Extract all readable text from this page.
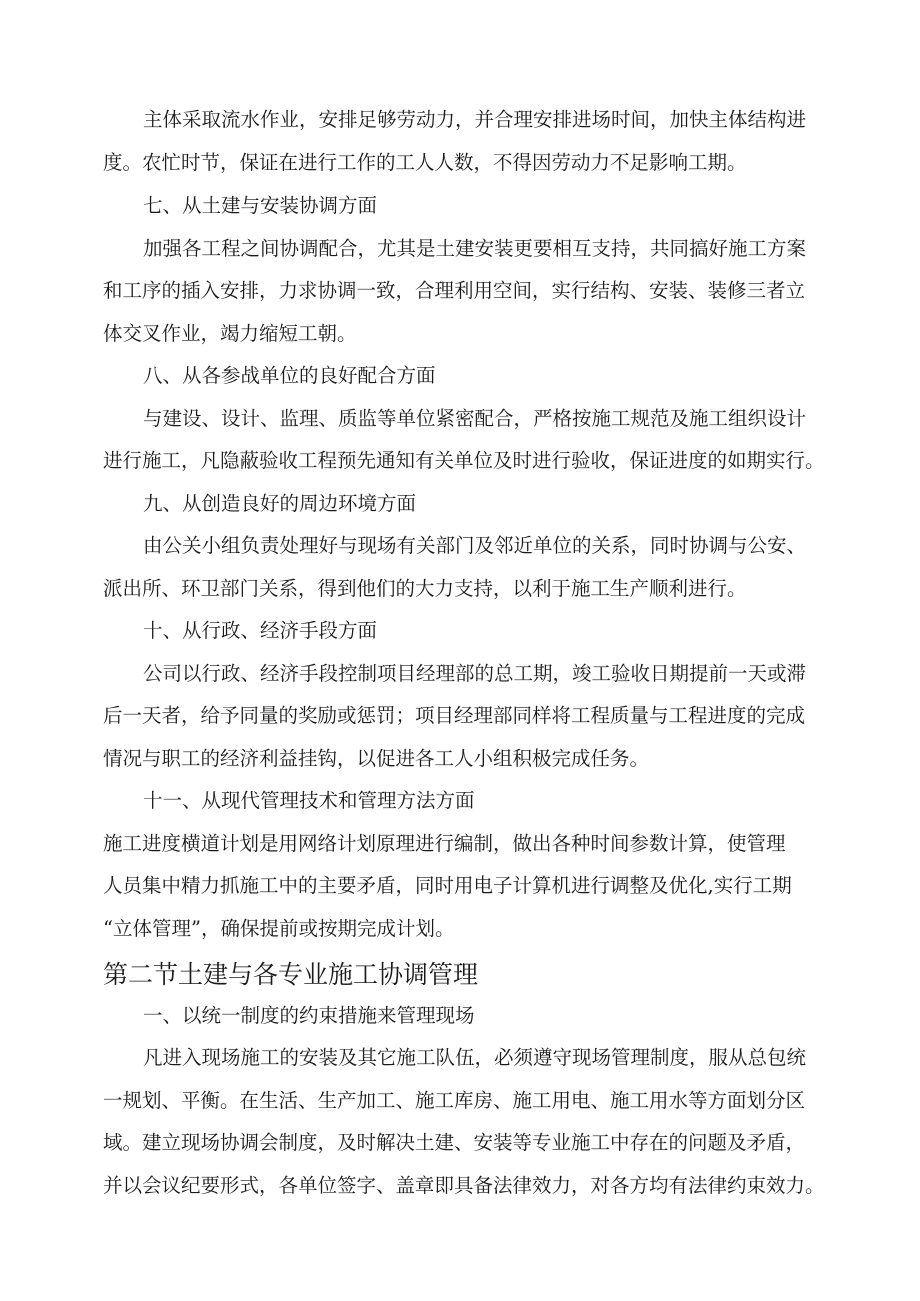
主体采取流水作业，安排足够劳动力，并合理安排进场时间，加快主体结构进
度。农忙时节，保证在进行工作的工人人数，不得因劳动力不足影响工期。
七、从土建与安装协调方面
加强各工程之间协调配合，尤其是土建安装更要相互支持，共同搞好施工方案
和工序的插入安排，力求协调一致，合理利用空间，实行结构、安装、装修三者立
体交叉作业，竭力缩短工朝。
八、从各参战单位的良好配合方面
与建设、设计、监理、质监等单位紧密配合，严格按施工规范及施工组织设计
进行施工，凡隐蔽验收工程预先通知有关单位及时进行验收，保证进度的如期实行。
九、从创造良好的周边环境方面
由公关小组负责处理好与现场有关部门及邻近单位的关系，同时协调与公安、
派出所、环卫部门关系，得到他们的大力支持，以利于施工生产顺利进行。
十、从行政、经济手段方面
公司以行政、经济手段控制项目经理部的总工期，竣工验收日期提前一天或滞
后一天者，给予同量的奖励或惩罚；项目经理部同样将工程质量与工程进度的完成
情况与职工的经济利益挂钩，以促进各工人小组积极完成任务。
十一、从现代管理技术和管理方法方面
施工进度横道计划是用网络计划原理进行编制，做出各种时间参数计算，使管理
人员集中精力抓施工中的主要矛盾，同时用电子计算机进行调整及优化,实行工期
“立体管理”，确保提前或按期完成计划。
第二节土建与各专业施工协调管理
一、以统一制度的约束措施来管理现场
凡进入现场施工的安装及其它施工队伍，必须遵守现场管理制度，服从总包统
一规划、平衡。在生活、生产加工、施工库房、施工用电、施工用水等方面划分区
域。建立现场协调会制度，及时解决土建、安装等专业施工中存在的问题及矛盾，
并以会议纪要形式，各单位签字、盖章即具备法律效力，对各方均有法律约束效力。
